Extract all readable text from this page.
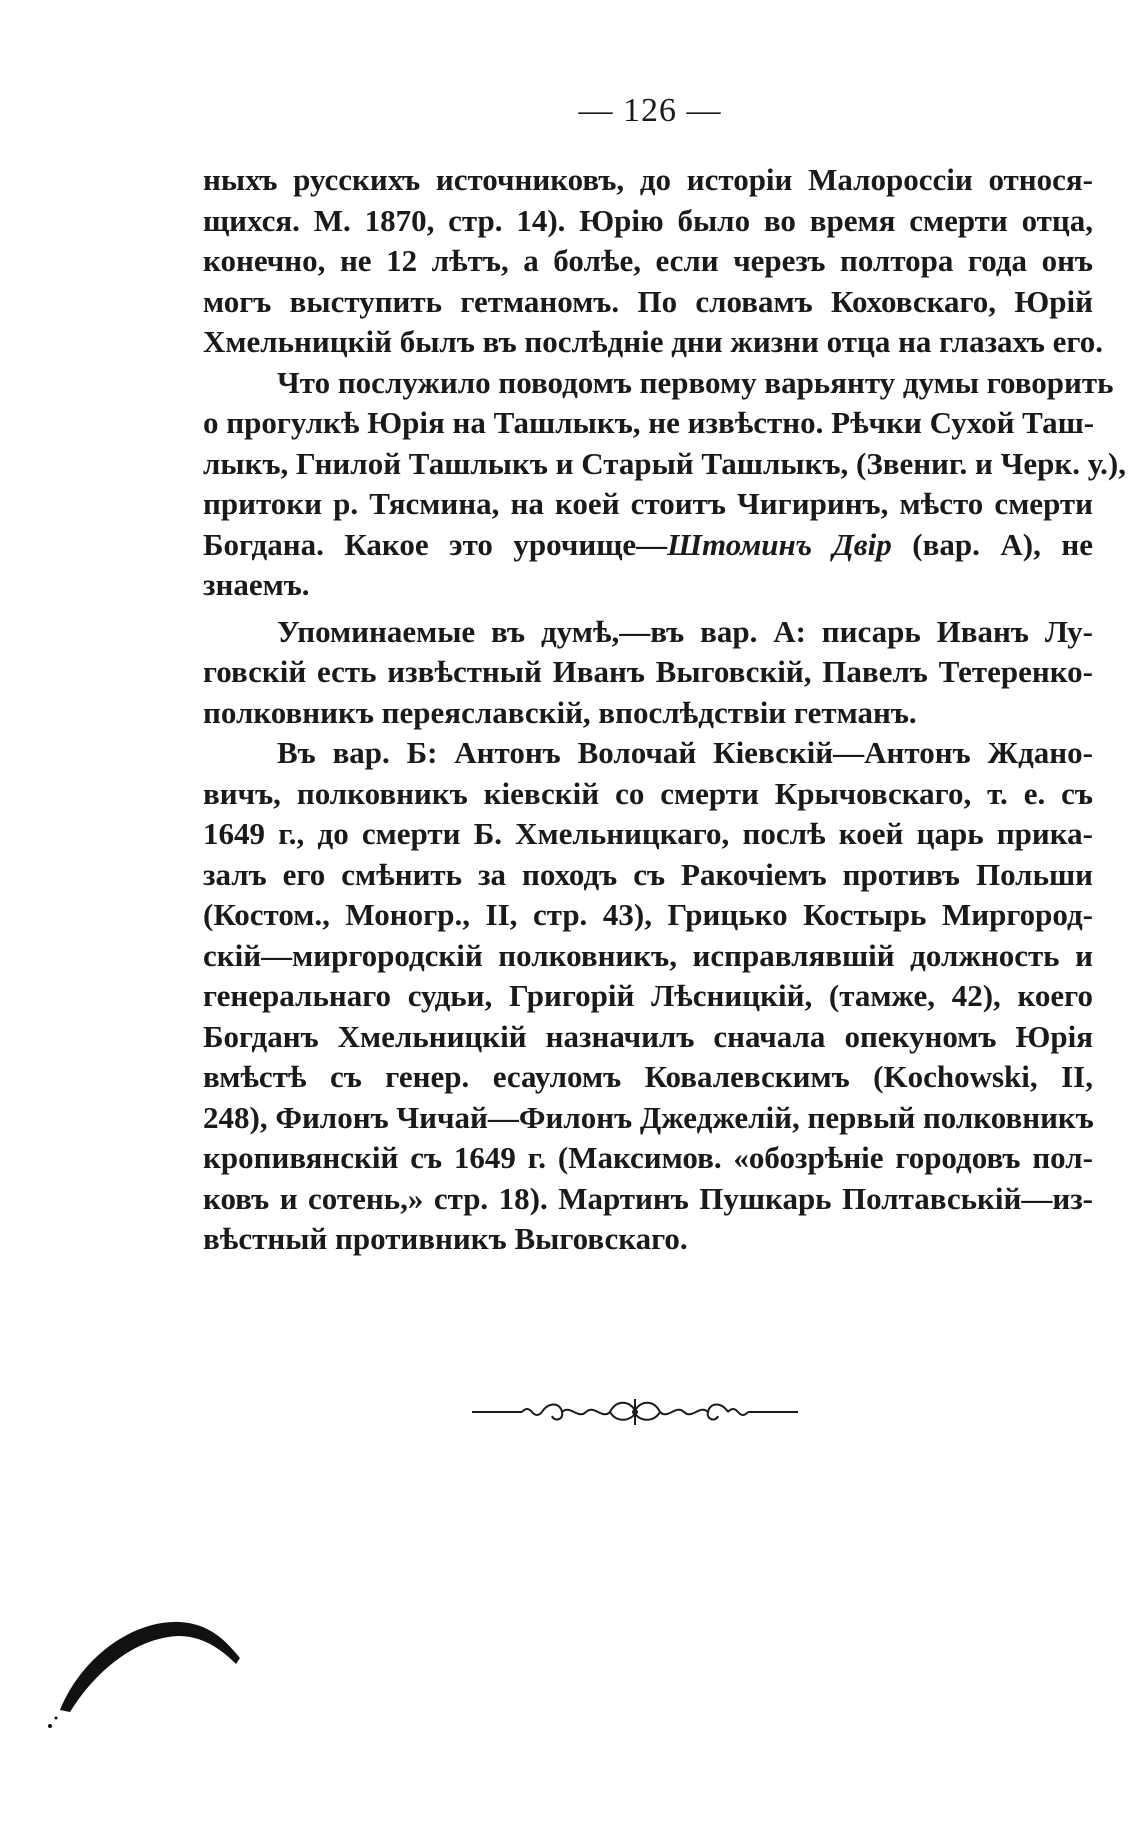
— 126 —
ныхъ русскихъ источниковъ, до исторіи Малороссіи относя-
щихся. М. 1870, стр. 14). Юрію было во время смерти отца,
конечно, не 12 лѣтъ, а болѣе, если черезъ полтора года онъ
могъ выступить гетманомъ. По словамъ Коховскаго, Юрій
Хмельницкій былъ въ послѣдніе дни жизни отца на глазахъ его.
Что послужило поводомъ первому варьянту думы говорить
о прогулкѣ Юрія на Ташлыкъ, не извѣстно. Рѣчки Сухой Таш-
лыкъ, Гнилой Ташлыкъ и Старый Ташлыкъ, (Звениг. и Черк. у.),
притоки р. Тясмина, на коей стоитъ Чигиринъ, мѣсто смерти
Богдана. Какое это урочище—Штоминъ Двір (вар. А), не
знаемъ.
Упоминаемые въ думѣ,—въ вар. А: писарь Иванъ Лу-
говскій есть извѣстный Иванъ Выговскій, Павелъ Тетеренко-
полковникъ переяславскій, впослѣдствіи гетманъ.
Въ вар. Б: Антонъ Волочай Кіевскій—Антонъ Ждано-
вичъ, полковникъ кіевскій со смерти Крычовскаго, т. е. съ
1649 г., до смерти Б. Хмельницкаго, послѣ коей царь прика-
залъ его смѣнить за походъ съ Ракочіемъ противъ Польши
(Костом., Моногр., II, стр. 43), Грицько Костырь Миргород-
скій—миргородскій полковникъ, исправлявшій должность и
генеральнаго судьи, Григорій Лѣсницкій, (тамже, 42), коего
Богданъ Хмельницкій назначилъ сначала опекуномъ Юрія
вмѣстѣ съ генер. есауломъ Ковалевскимъ (Kochowski, II,
248), Филонъ Чичай—Филонъ Джеджелій, первый полковникъ
кропивянскій съ 1649 г. (Максимов. «обозрѣніе городовъ пол-
ковъ и сотень,» стр. 18). Мартинъ Пушкарь Полтавській—из-
вѣстный противникъ Выговскаго.
